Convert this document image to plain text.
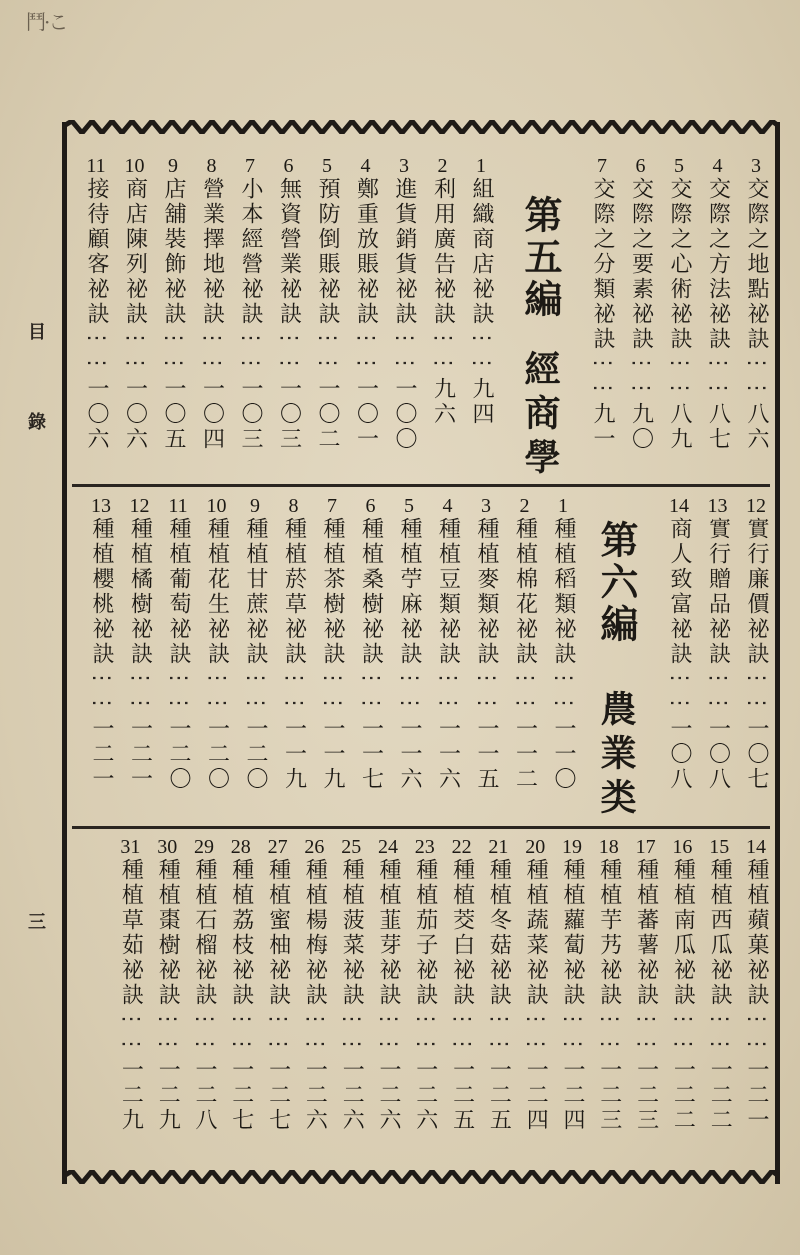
鬥·こ
目
錄
三
第五編
經商學
第六編
農業类
3
交際之地點祕訣
⋮⋮
八六
4
交際之方法祕訣
⋮⋮
八七
5
交際之心術祕訣
⋮⋮
八九
6
交際之要素祕訣
⋮⋮
九〇
7
交際之分類祕訣
⋮⋮
九一
1
組織商店祕訣
⋮⋮
九四
2
利用廣告祕訣
⋮⋮
九六
3
進貨銷貨祕訣
⋮⋮
一〇〇
4
鄭重放賬祕訣
⋮⋮
一〇一
5
預防倒賬祕訣
⋮⋮
一〇二
6
無資營業祕訣
⋮⋮
一〇三
7
小本經營祕訣
⋮⋮
一〇三
8
營業擇地祕訣
⋮⋮
一〇四
9
店舖裝飾祕訣
⋮⋮
一〇五
10
商店陳列祕訣
⋮⋮
一〇六
11
接待顧客祕訣
⋮⋮
一〇六
12
實行廉價祕訣
⋮⋮
一〇七
13
實行贈品祕訣
⋮⋮
一〇八
14
商人致富祕訣
⋮⋮
一〇八
1
種植稻類祕訣
⋮⋮
一一〇
2
種植棉花祕訣
⋮⋮
一一二
3
種植麥類祕訣
⋮⋮
一一五
4
種植豆類祕訣
⋮⋮
一一六
5
種植苧麻祕訣
⋮⋮
一一六
6
種植桑樹祕訣
⋮⋮
一一七
7
種植茶樹祕訣
⋮⋮
一一九
8
種植菸草祕訣
⋮⋮
一一九
9
種植甘蔗祕訣
⋮⋮
一二〇
10
種植花生祕訣
⋮⋮
一二〇
11
種植葡萄祕訣
⋮⋮
一二〇
12
種植橘樹祕訣
⋮⋮
一二一
13
種植櫻桃祕訣
⋮⋮
一二一
14
種植蘋菓祕訣
⋮⋮
一二一
15
種植西瓜祕訣
⋮⋮
一二二
16
種植南瓜祕訣
⋮⋮
一二二
17
種植蕃薯祕訣
⋮⋮
一二三
18
種植芋艿祕訣
⋮⋮
一二三
19
種植蘿蔔祕訣
⋮⋮
一二四
20
種植蔬菜祕訣
⋮⋮
一二四
21
種植冬菇祕訣
⋮⋮
一二五
22
種植茭白祕訣
⋮⋮
一二五
23
種植茄子祕訣
⋮⋮
一二六
24
種植韮芽祕訣
⋮⋮
一二六
25
種植菠菜祕訣
⋮⋮
一二六
26
種植楊梅祕訣
⋮⋮
一二六
27
種植蜜柚祕訣
⋮⋮
一二七
28
種植荔枝祕訣
⋮⋮
一二七
29
種植石榴祕訣
⋮⋮
一二八
30
種植棗樹祕訣
⋮⋮
一二九
31
種植草茹祕訣
⋮⋮
一二九
